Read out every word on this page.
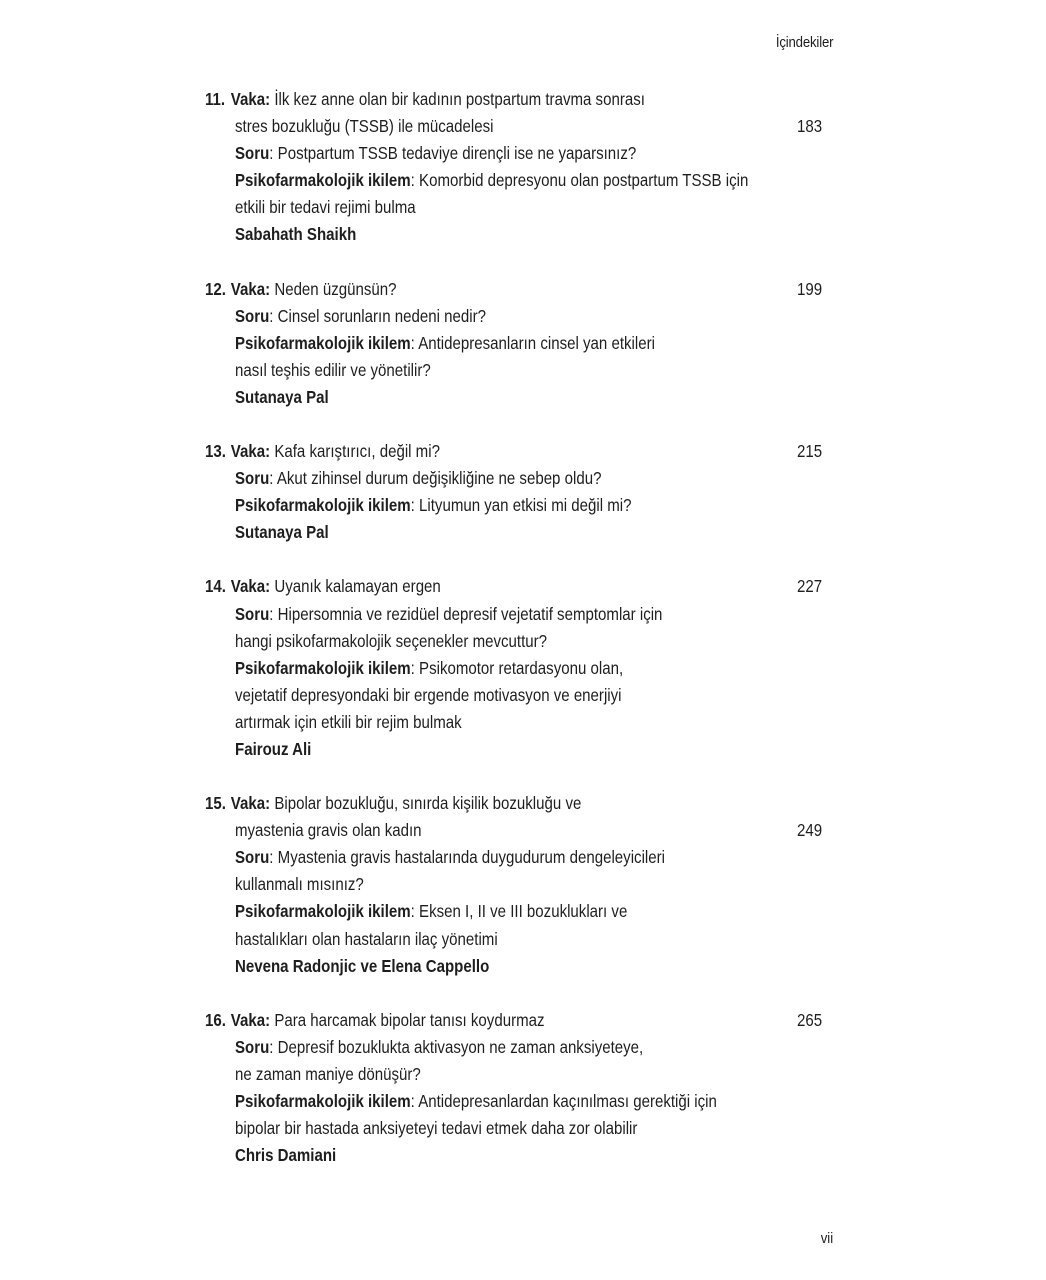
İçindekiler
11. Vaka: İlk kez anne olan bir kadının postpartum travma sonrası
stres bozukluğu (TSSB) ile mücadelesi	183
Soru: Postpartum TSSB tedaviye dirençli ise ne yaparsınız?
Psikofarmakolojik ikilem: Komorbid depresyonu olan postpartum TSSB için
etkili bir tedavi rejimi bulma
Sabahath Shaikh
12. Vaka: Neden üzgünsün?	199
Soru: Cinsel sorunların nedeni nedir?
Psikofarmakolojik ikilem: Antidepresanların cinsel yan etkileri
nasıl teşhis edilir ve yönetilir?
Sutanaya Pal
13. Vaka: Kafa karıştırıcı, değil mi?	215
Soru: Akut zihinsel durum değişikliğine ne sebep oldu?
Psikofarmakolojik ikilem: Lityumun yan etkisi mi değil mi?
Sutanaya Pal
14. Vaka: Uyanık kalamayan ergen	227
Soru: Hipersomnia ve rezidüel depresif vejetatif semptomlar için
hangi psikofarmakolojik seçenekler mevcuttur?
Psikofarmakolojik ikilem: Psikomotor retardasyonu olan,
vejetatif depresyondaki bir ergende motivasyon ve enerjiyi
artırmak için etkili bir rejim bulmak
Fairouz Ali
15. Vaka: Bipolar bozukluğu, sınırda kişilik bozukluğu ve
myastenia gravis olan kadın	249
Soru: Myastenia gravis hastalarında duygudurum dengeleyicileri
kullanmalı mısınız?
Psikofarmakolojik ikilem: Eksen I, II ve III bozuklukları ve
hastalıkları olan hastaların ilaç yönetimi
Nevena Radonjic ve Elena Cappello
16. Vaka: Para harcamak bipolar tanısı koydurmaz	265
Soru: Depresif bozuklukta aktivasyon ne zaman anksiyeteye,
ne zaman maniye dönüşür?
Psikofarmakolojik ikilem: Antidepresanlardan kaçınılması gerektiği için
bipolar bir hastada anksiyeteyi tedavi etmek daha zor olabilir
Chris Damiani
vii
